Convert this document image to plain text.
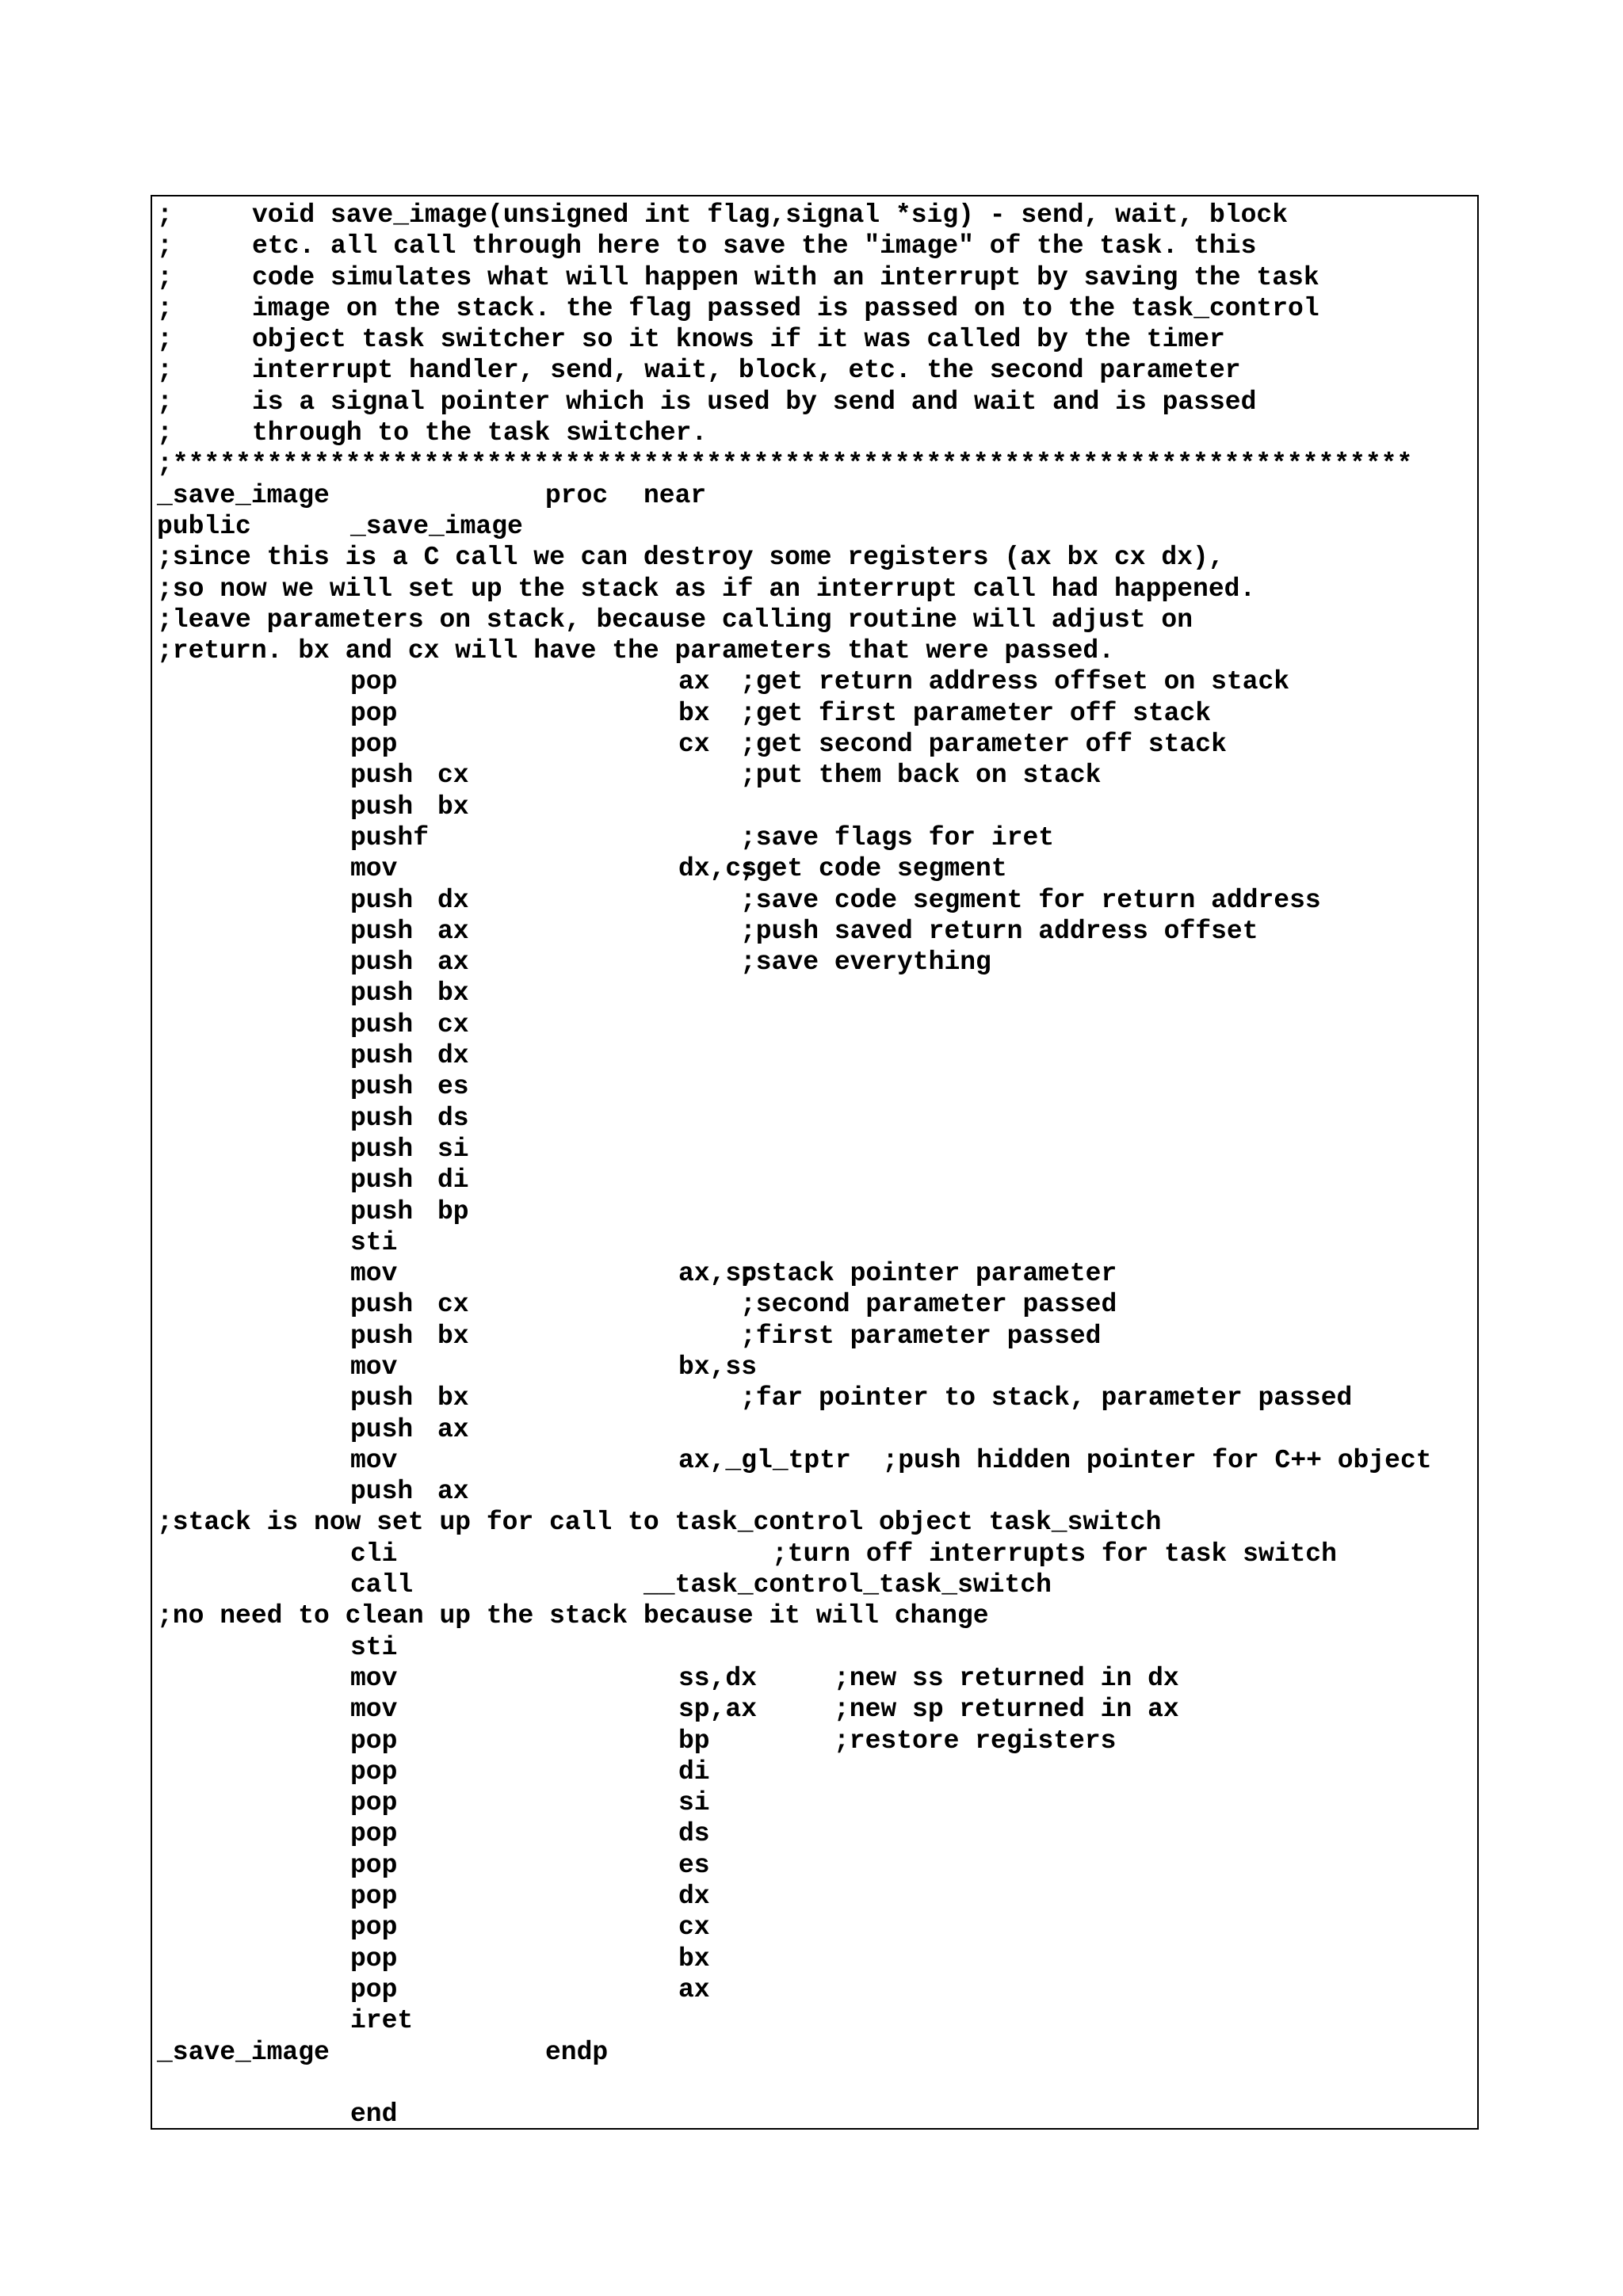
;	void save_image(unsigned int flag,signal *sig) - send, wait, block
;	etc. all call through here to save the "image" of the task. this
;	code simulates what will happen with an interrupt by saving the task
;	image on the stack. the flag passed is passed on to the task_control
;	object task switcher so it knows if it was called by the timer
;	interrupt handler, send, wait, block, etc. the second parameter
;	is a signal pointer which is used by send and wait and is passed
;	through to the task switcher.
;*******************************************************************************
_save_image	proc near
public	_save_image
;since this is a C call we can destroy some registers (ax bx cx dx),
;so now we will set up the stack as if an interrupt call had happened.
;leave parameters on stack, because calling routine will adjust on
;return. bx and cx will have the parameters that were passed.
pop	ax ;get return address offset on stack
pop	bx ;get first parameter off stack
pop	cx ;get second parameter off stack
push cx	;put them back on stack
push bx
pushf	;save flags for iret
mov	dx,cs
;get code segment
push dx	;save code segment for return address
push ax	;push saved return address offset
push ax	;save everything
push bx
push cx
push dx
push es
push ds
push si
push di
push bp
sti
mov	ax,sp
;stack pointer parameter
push cx	;second parameter passed
push bx	;first parameter passed
mov	bx,ss
push bx	;far pointer to stack, parameter passed
push ax
mov	ax,_gl_tptr  ;push hidden pointer for C++ object
push ax
;stack is now set up for call to task_control object task_switch
cli	;turn off interrupts for task switch
call	__task_control_task_switch
;no need to clean up the stack because it will change
sti
mov	ss,dx	;new ss returned in dx
mov	sp,ax	;new sp returned in ax
pop	bp	;restore registers
pop	di
pop	si
pop	ds
pop	es
pop	dx
pop	cx
pop	bx
pop	ax
iret
_save_image	endp
end
